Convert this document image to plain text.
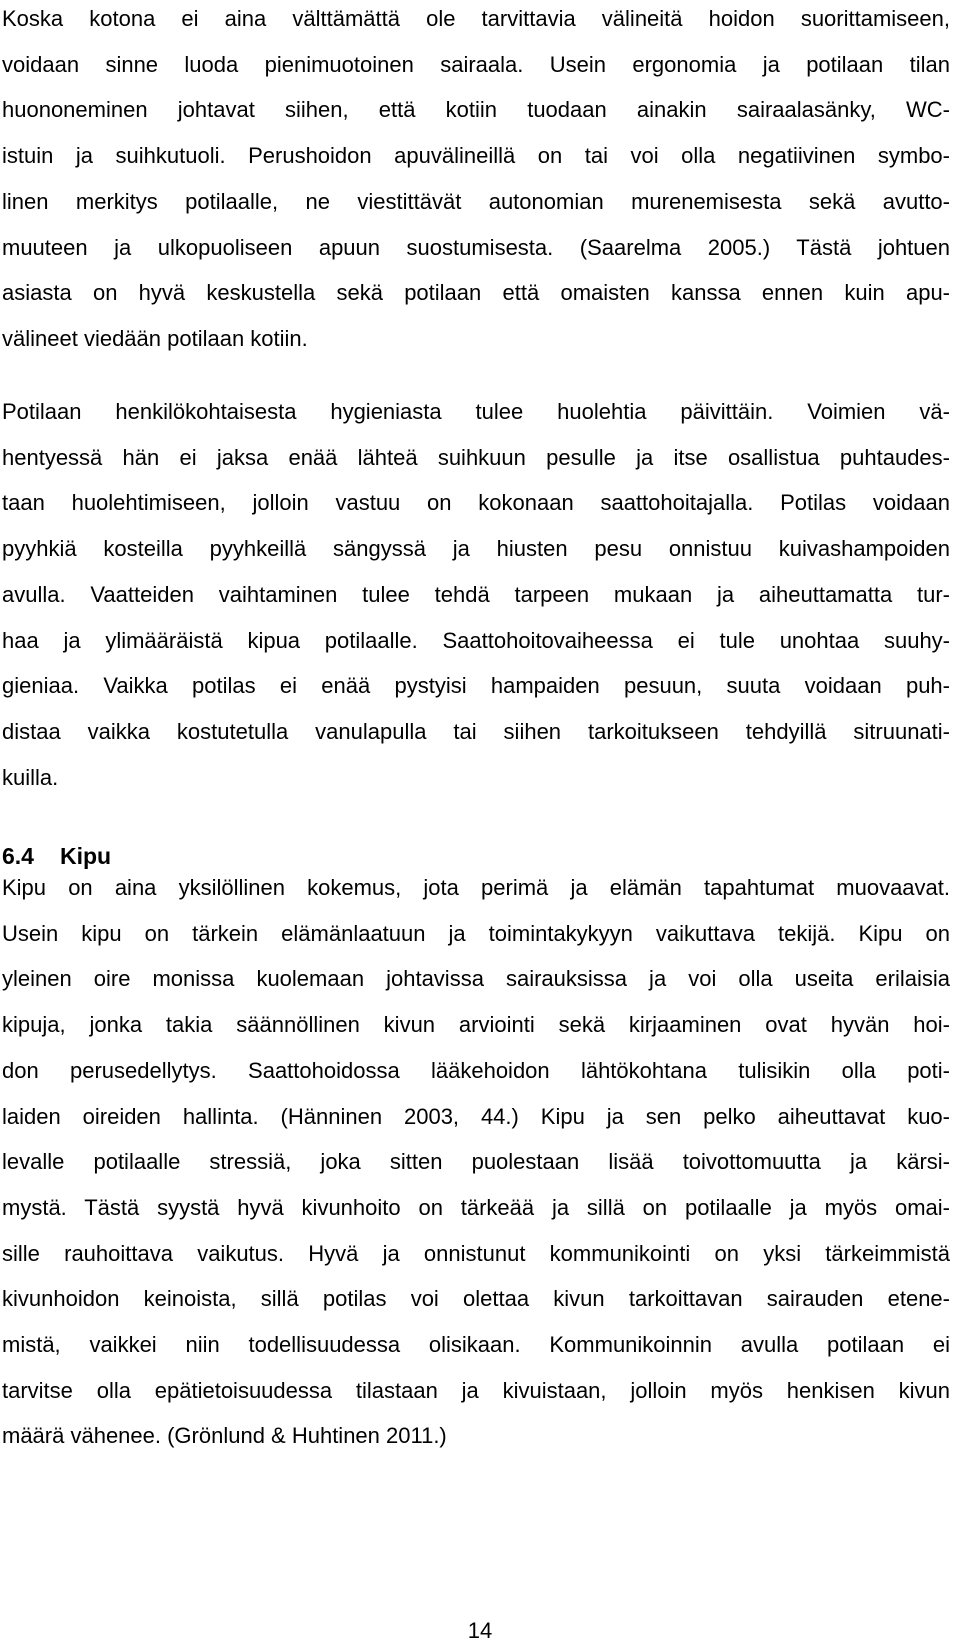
Koska kotona ei aina välttämättä ole tarvittavia välineitä hoidon suorittamiseen,
voidaan sinne luoda pienimuotoinen sairaala. Usein ergonomia ja potilaan tilan
huononeminen johtavat siihen, että kotiin tuodaan ainakin sairaalasänky, WC-
istuin ja suihkutuoli. Perushoidon apuvälineillä on tai voi olla negatiivinen symbo-
linen merkitys potilaalle, ne viestittävät autonomian murenemisesta sekä avutto-
muuteen ja ulkopuoliseen apuun suostumisesta. (Saarelma 2005.) Tästä johtuen
asiasta on hyvä keskustella sekä potilaan että omaisten kanssa ennen kuin apu-
välineet viedään potilaan kotiin.

Potilaan henkilökohtaisesta hygieniasta tulee huolehtia päivittäin. Voimien vä-
hentyessä hän ei jaksa enää lähteä suihkuun pesulle ja itse osallistua puhtaudes-
taan huolehtimiseen, jolloin vastuu on kokonaan saattohoitajalla. Potilas voidaan
pyyhkiä kosteilla pyyhkeillä sängyssä ja hiusten pesu onnistuu kuivashampoiden
avulla. Vaatteiden vaihtaminen tulee tehdä tarpeen mukaan ja aiheuttamatta tur-
haa ja ylimääräistä kipua potilaalle. Saattohoitovaiheessa ei tule unohtaa suuhy-
gieniaa. Vaikka potilas ei enää pystyisi hampaiden pesuun, suuta voidaan puh-
distaa vaikka kostutetulla vanulapulla tai siihen tarkoitukseen tehdyillä sitruunati-
kuilla.

6.4 Kipu

Kipu on aina yksilöllinen kokemus, jota perimä ja elämän tapahtumat muovaavat.
Usein kipu on tärkein elämänlaatuun ja toimintakykyyn vaikuttava tekijä. Kipu on
yleinen oire monissa kuolemaan johtavissa sairauksissa ja voi olla useita erilaisia
kipuja, jonka takia säännöllinen kivun arviointi sekä kirjaaminen ovat hyvän hoi-
don perusedellytys. Saattohoidossa lääkehoidon lähtökohtana tulisikin olla poti-
laiden oireiden hallinta. (Hänninen 2003, 44.) Kipu ja sen pelko aiheuttavat kuo-
levalle potilaalle stressiä, joka sitten puolestaan lisää toivottomuutta ja kärsi-
mystä. Tästä syystä hyvä kivunhoito on tärkeää ja sillä on potilaalle ja myös omai-
sille rauhoittava vaikutus. Hyvä ja onnistunut kommunikointi on yksi tärkeimmistä
kivunhoidon keinoista, sillä potilas voi olettaa kivun tarkoittavan sairauden etene-
mistä, vaikkei niin todellisuudessa olisikaan. Kommunikoinnin avulla potilaan ei
tarvitse olla epätietoisuudessa tilastaan ja kivuistaan, jolloin myös henkisen kivun
määrä vähenee. (Grönlund & Huhtinen 2011.)

14
